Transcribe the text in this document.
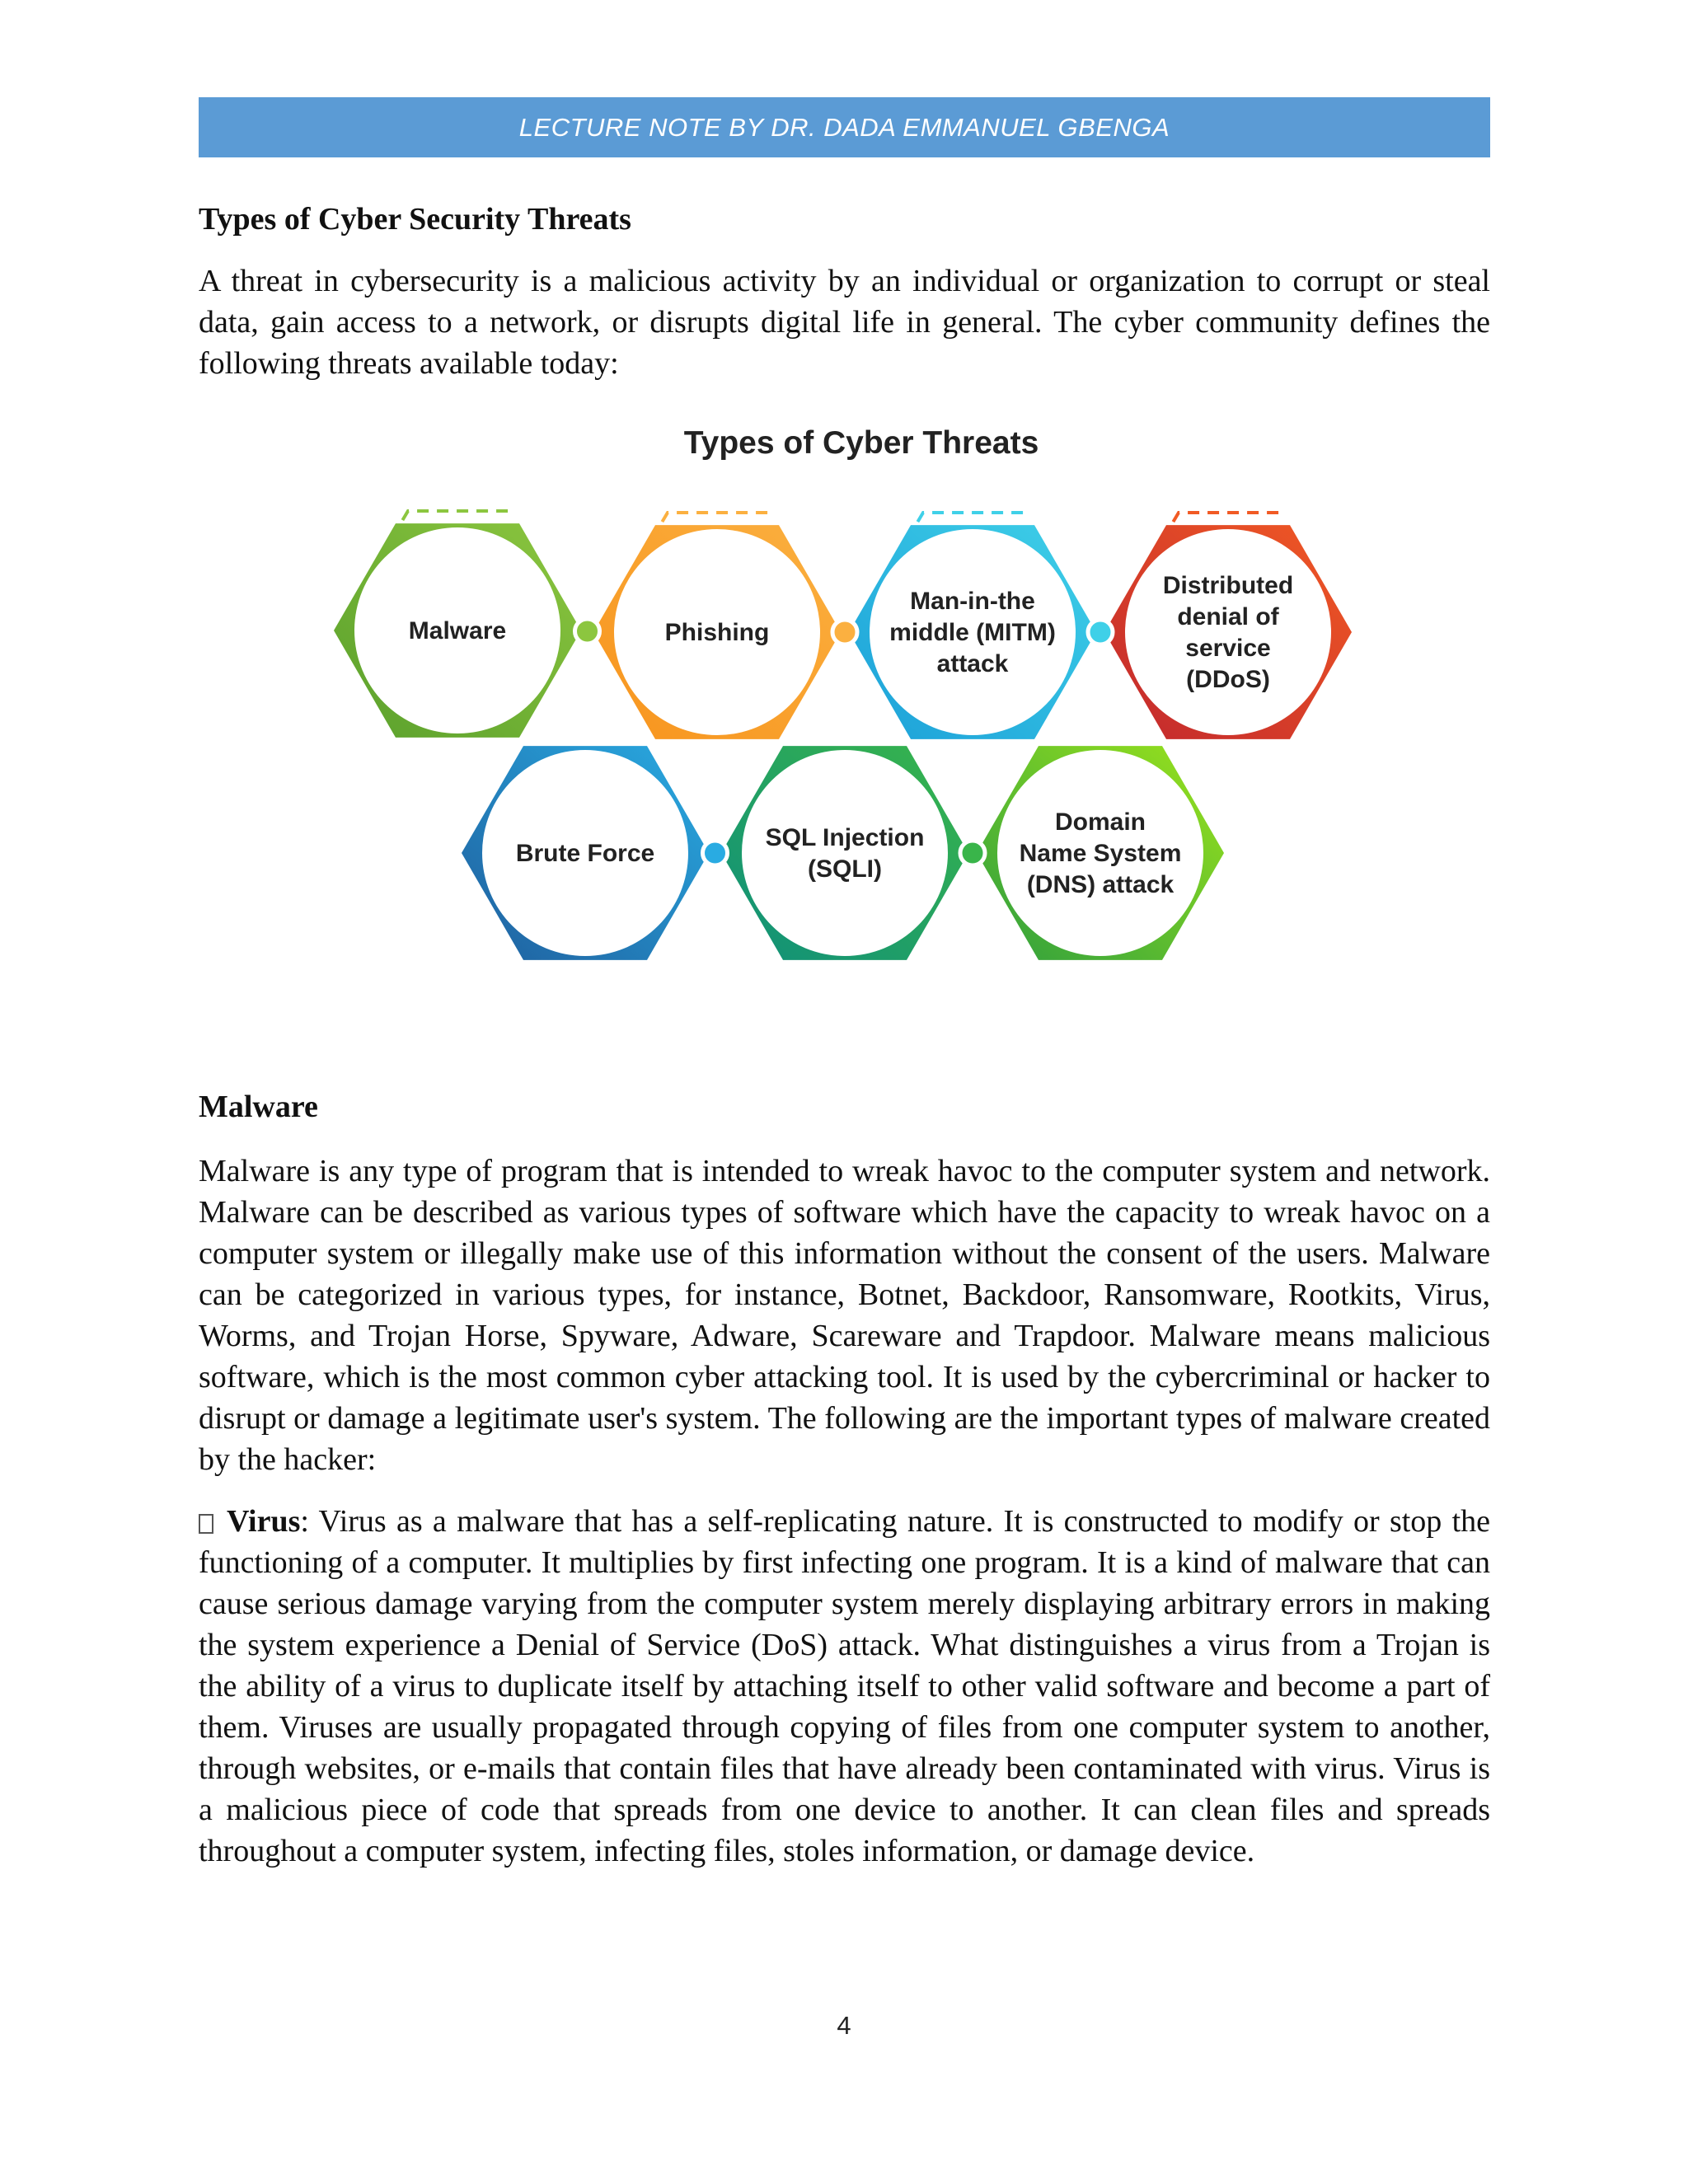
LECTURE NOTE BY DR. DADA EMMANUEL GBENGA
Types of Cyber Security Threats

A threat in cybersecurity is a malicious activity by an individual or organization to corrupt or steal data, gain access to a network, or disrupts digital life in general. The cyber community defines the following threats available today:

Types of Cyber Threats
Malware	Phishing
Man-in-the middle (MITM) attack
Distributed denial of service (DDoS)
Brute Force
SQL Injection (SQLI)
Domain Name System (DNS) attack
Malware

Malware is any type of program that is intended to wreak havoc to the computer system and network. Malware can be described as various types of software which have the capacity to wreak havoc on a computer system or illegally make use of this information without the consent of the users. Malware can be categorized in various types, for instance, Botnet, Backdoor, Ransomware, Rootkits, Virus, Worms, and Trojan Horse, Spyware, Adware, Scareware and Trapdoor. Malware means malicious software, which is the most common cyber attacking tool. It is used by the cybercriminal or hacker to disrupt or damage a legitimate user's system. The following are the important types of malware created by the hacker:

Virus: Virus as a malware that has a self-replicating nature. It is constructed to modify or stop the functioning of a computer. It multiplies by first infecting one program. It is a kind of malware that can cause serious damage varying from the computer system merely displaying arbitrary errors in making the system experience a Denial of Service (DoS) attack. What distinguishes a virus from a Trojan is the ability of a virus to duplicate itself by attaching itself to other valid software and become a part of them. Viruses are usually propagated through copying of files from one computer system to another, through websites, or e-mails that contain files that have already been contaminated with virus. Virus is a malicious piece of code that spreads from one device to another. It can clean files and spreads throughout a computer system, infecting files, stoles information, or damage device.

4
